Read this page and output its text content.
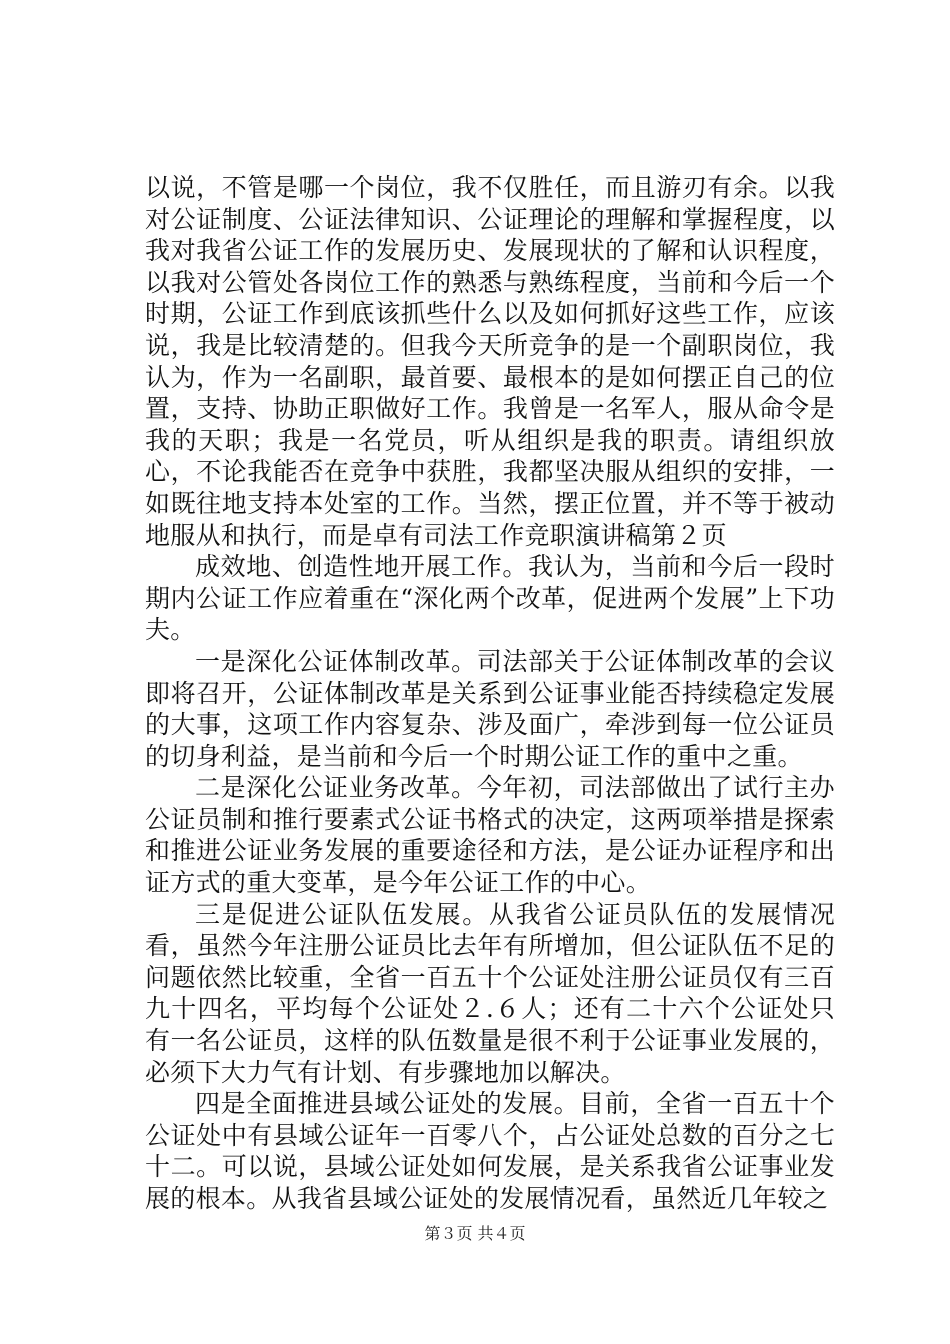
以说，不管是哪一个岗位，我不仅胜任，而且游刃有余。以我对公证制度、公证法律知识、公证理论的理解和掌握程度，以我对我省公证工作的发展历史、发展现状的了解和认识程度，以我对公管处各岗位工作的熟悉与熟练程度，当前和今后一个时期，公证工作到底该抓些什么以及如何抓好这些工作，应该说，我是比较清楚的。但我今天所竞争的是一个副职岗位，我认为，作为一名副职，最首要、最根本的是如何摆正自己的位置，支持、协助正职做好工作。我曾是一名军人，服从命令是我的天职；我是一名党员，听从组织是我的职责。请组织放心，不论我能否在竞争中获胜，我都坚决服从组织的安排，一如既往地支持本处室的工作。当然，摆正位置，并不等于被动地服从和执行，而是卓有司法工作竞职演讲稿第２页

成效地、创造性地开展工作。我认为，当前和今后一段时期内公证工作应着重在“深化两个改革，促进两个发展”上下功夫。

一是深化公证体制改革。司法部关于公证体制改革的会议即将召开，公证体制改革是关系到公证事业能否持续稳定发展的大事，这项工作内容复杂、涉及面广，牵涉到每一位公证员的切身利益，是当前和今后一个时期公证工作的重中之重。

二是深化公证业务改革。今年初，司法部做出了试行主办公证员制和推行要素式公证书格式的决定，这两项举措是探索和推进公证业务发展的重要途径和方法，是公证办证程序和出证方式的重大变革，是今年公证工作的中心。

三是促进公证队伍发展。从我省公证员队伍的发展情况看，虽然今年注册公证员比去年有所增加，但公证队伍不足的问题依然比较重，全省一百五十个公证处注册公证员仅有三百九十四名，平均每个公证处２.６人；还有二十六个公证处只有一名公证员，这样的队伍数量是很不利于公证事业发展的，必须下大力气有计划、有步骤地加以解决。

四是全面推进县域公证处的发展。目前，全省一百五十个公证处中有县域公证年一百零八个，占公证处总数的百分之七十二。可以说，县域公证处如何发展，是关系我省公证事业发展的根本。从我省县域公证处的发展情况看，虽然近几年较之

第３页 共４页
